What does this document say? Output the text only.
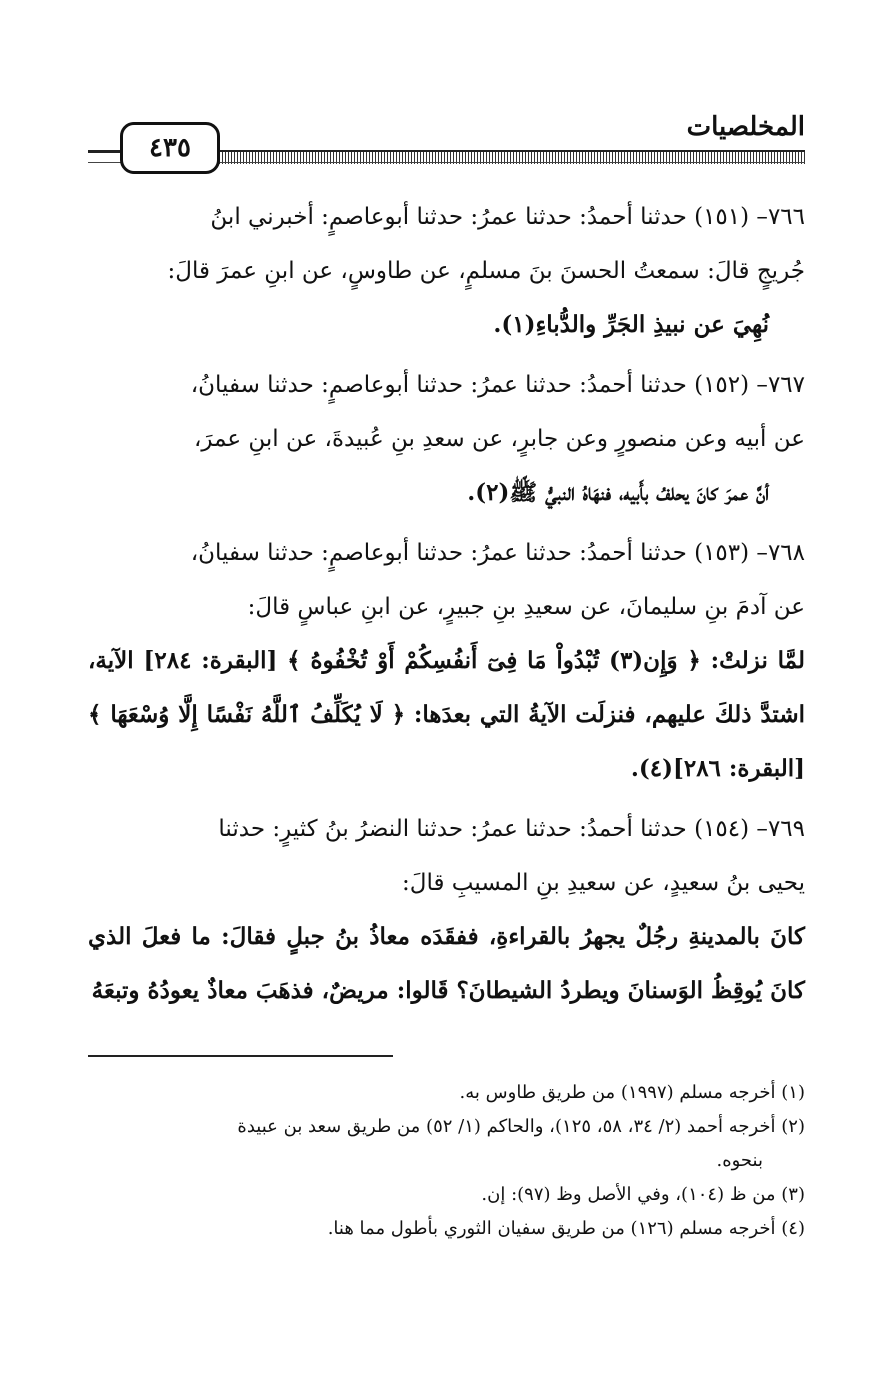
٤٣٥
المخلصيات

٧٦٦– (١٥١) حدثنا أحمدُ: حدثنا عمرُ: حدثنا أبوعاصمٍ: أخبرني ابنُ

جُريجٍ قالَ: سمعتُ الحسنَ بنَ مسلمٍ، عن طاوسٍ، عن ابنِ عمرَ قالَ:

نُهِيَ عن نبيذِ الجَرِّ والدُّباءِ(١).

٧٦٧– (١٥٢) حدثنا أحمدُ: حدثنا عمرُ: حدثنا أبوعاصمٍ: حدثنا سفيانُ،

عن أبيه وعن منصورٍ وعن جابرٍ، عن سعدِ بنِ عُبيدةَ، عن ابنِ عمرَ،

أنَّ عمرَ كانَ يحلفُ بأَبيه، فنهَاهُ النبيُّ ﷺ(٢).

٧٦٨– (١٥٣) حدثنا أحمدُ: حدثنا عمرُ: حدثنا أبوعاصمٍ: حدثنا سفيانُ،

عن آدمَ بنِ سليمانَ، عن سعيدِ بنِ جبيرٍ، عن ابنِ عباسٍ قالَ:

لمَّا نزلتْ: ﴿ وَإِن(٣) تُبْدُواْ مَا فِىٓ أَنفُسِكُمْ أَوْ تُخْفُوهُ ﴾ [البقرة: ٢٨٤] الآية، اشتدَّ ذلكَ عليهم، فنزلَت الآيةُ التي بعدَها: ﴿ لَا يُكَلِّفُ ٱللَّهُ نَفْسًا إِلَّا وُسْعَهَا ﴾ [البقرة: ٢٨٦](٤).

٧٦٩– (١٥٤) حدثنا أحمدُ: حدثنا عمرُ: حدثنا النضرُ بنُ كثيرٍ: حدثنا

يحيى بنُ سعيدٍ، عن سعيدِ بنِ المسيبِ قالَ:

كانَ بالمدينةِ رجُلٌ يجهرُ بالقراءةِ، ففقَدَه معاذُ بنُ جبلٍ فقالَ: ما فعلَ الذي كانَ يُوقِظُ الوَسنانَ ويطردُ الشيطانَ؟ قَالوا: مريضٌ، فذهَبَ معاذٌ يعودُهُ وتبعَهُ

(١) أخرجه مسلم (١٩٩٧) من طريق طاوس به.

(٢) أخرجه أحمد (٢/ ٣٤، ٥٨، ١٢٥)، والحاكم (١/ ٥٢) من طريق سعد بن عبيدة

بنحوه.

(٣) من ظ (١٠٤)، وفي الأصل وظ (٩٧): إن.

(٤) أخرجه مسلم (١٢٦) من طريق سفيان الثوري بأطول مما هنا.
